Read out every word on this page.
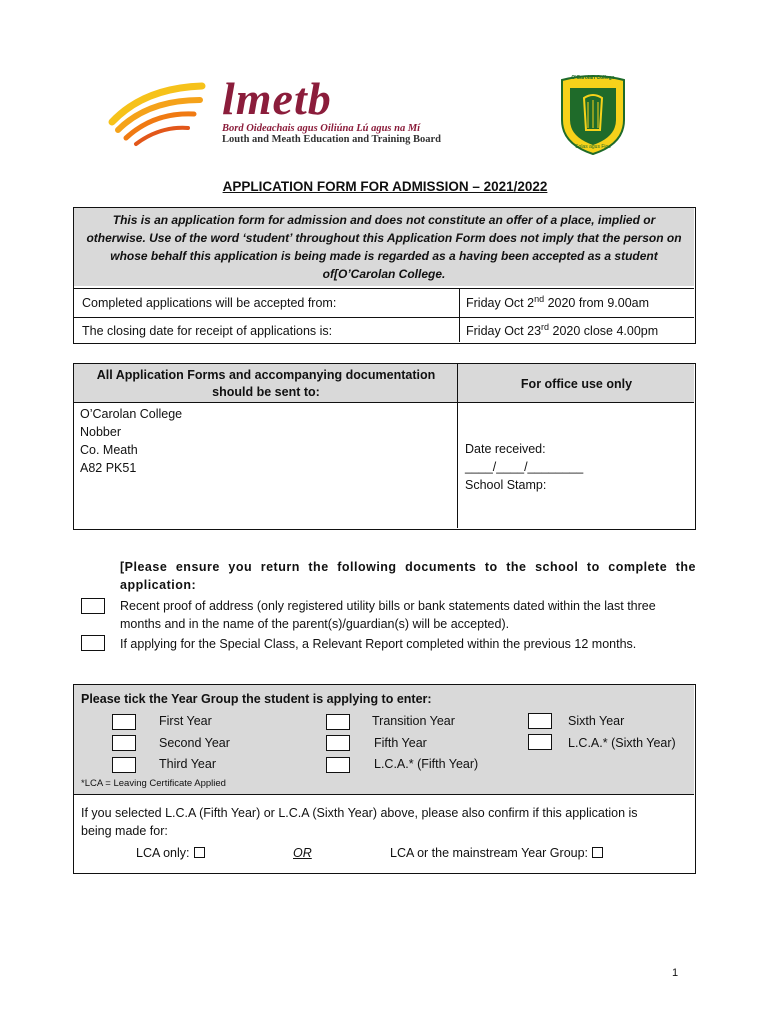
lmetb
Bord Oideachais agus Oiliúna Lú agus na Mí
Louth and Meath Education and Training Board
O'Carolan College
Solas agus Fios
APPLICATION FORM FOR ADMISSION – 2021/2022
This is an application form for admission and does not constitute an offer of a place, implied or otherwise. Use of the word ‘student’ throughout this Application Form does not imply that the person on whose behalf this application is being made is regarded as a having been accepted as a student of[O’Carolan College.
Completed applications will be accepted from:	Friday Oct 2nd 2020 from 9.00am
The closing date for receipt of applications is:	Friday Oct 23rd 2020 close 4.00pm
All Application Forms and accompanying documentation should be sent to:
For office use only
O’Carolan College
Nobber
Co. Meath
A82 PK51
Date received:
____/____/________
School Stamp:
[Please ensure you return the following documents to the school to complete the application:
Recent proof of address (only registered utility bills or bank statements dated within the last three months and in the name of the parent(s)/guardian(s) will be accepted).
If applying for the Special Class, a Relevant Report completed within the previous 12 months.
Please tick the Year Group the student is applying to enter:
First Year
Second Year
Third Year
Transition Year
Fifth Year
L.C.A.* (Fifth Year)
Sixth Year
L.C.A.* (Sixth Year)
*LCA = Leaving Certificate Applied
If you selected L.C.A (Fifth Year) or L.C.A (Sixth Year) above, please also confirm if this application is being made for:
LCA only:	OR	LCA or the mainstream Year Group:
1
